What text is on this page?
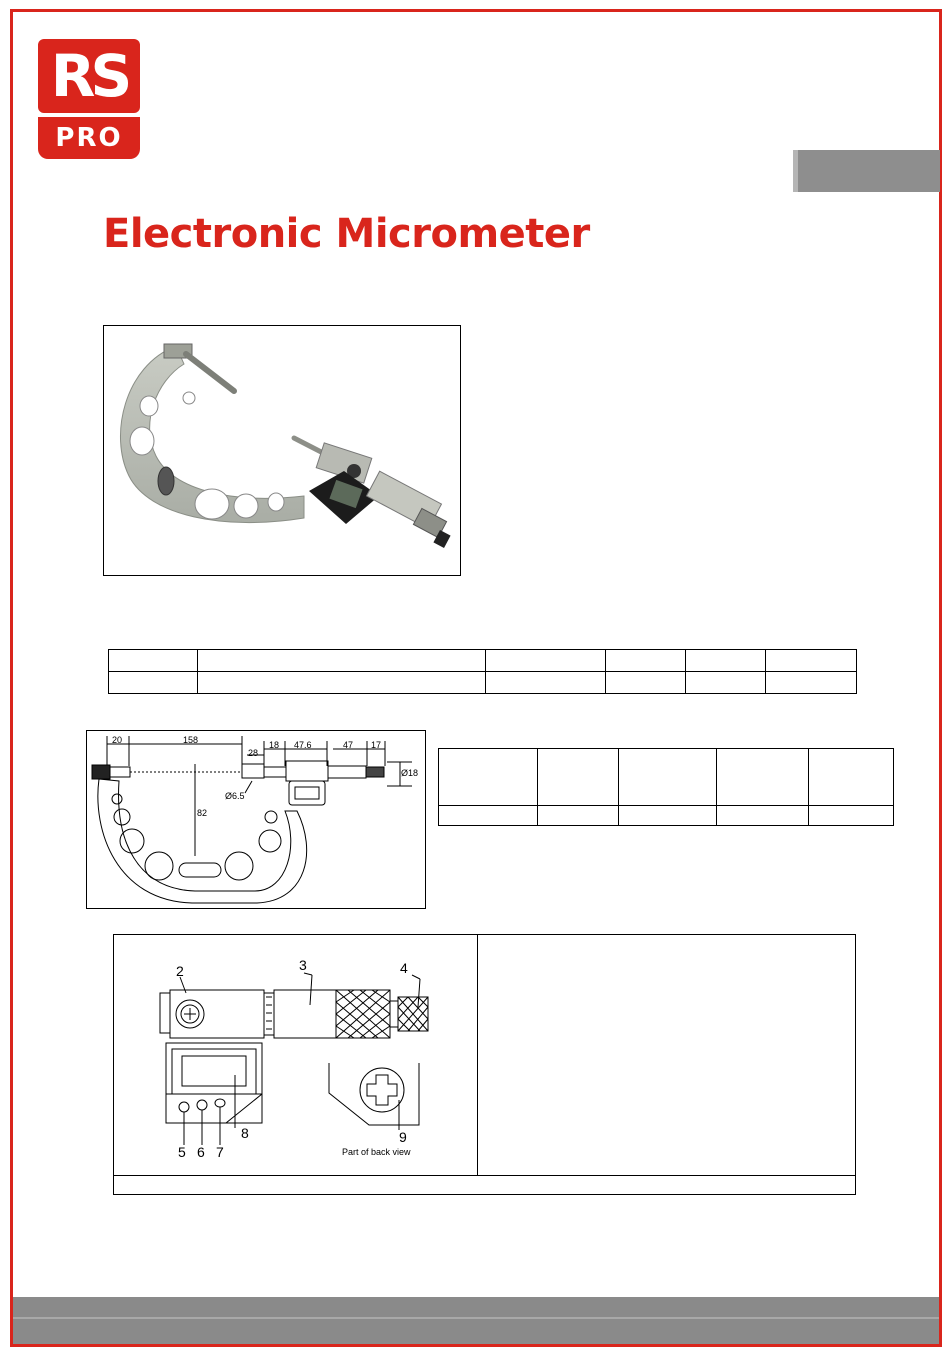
RS
PRO
Electronic Micrometer

20	158
28
18 47.6	47 17
Ø18
Ø6.5
82

2	3	4
5 6 7
8	9
Part of back view
